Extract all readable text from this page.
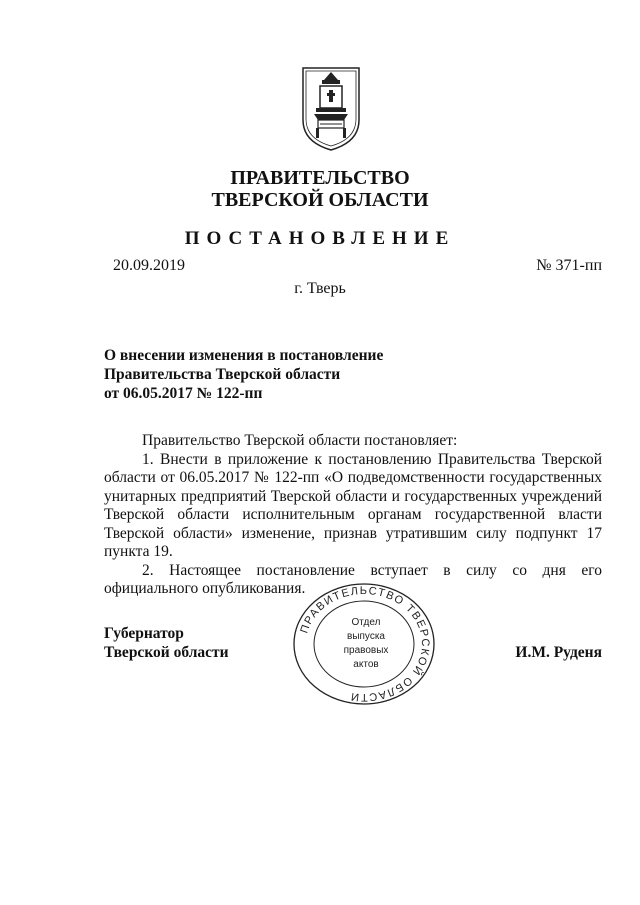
ПРАВИТЕЛЬСТВО
ТВЕРСКОЙ ОБЛАСТИ
ПОСТАНОВЛЕНИЕ
20.09.2019	№ 371-пп
г. Тверь
О внесении изменения в постановление
Правительства Тверской области
от 06.05.2017 № 122-пп

Правительство Тверской области постановляет:

1. Внести в приложение к постановлению Правительства Тверской области от 06.05.2017 № 122-пп «О подведомственности государственных унитарных предприятий Тверской области и государственных учреждений Тверской области исполнительным органам государственной власти Тверской области» изменение, признав утратившим силу подпункт 17 пункта 19.

2. Настоящее постановление вступает в силу со дня его официального опубликования.

Губернатор
Тверской области	И.М. Руденя
ПРАВИТЕЛЬСТВО ТВЕРСКОЙ ОБЛАСТИ
Отдел
выпуска
правовых
актов
